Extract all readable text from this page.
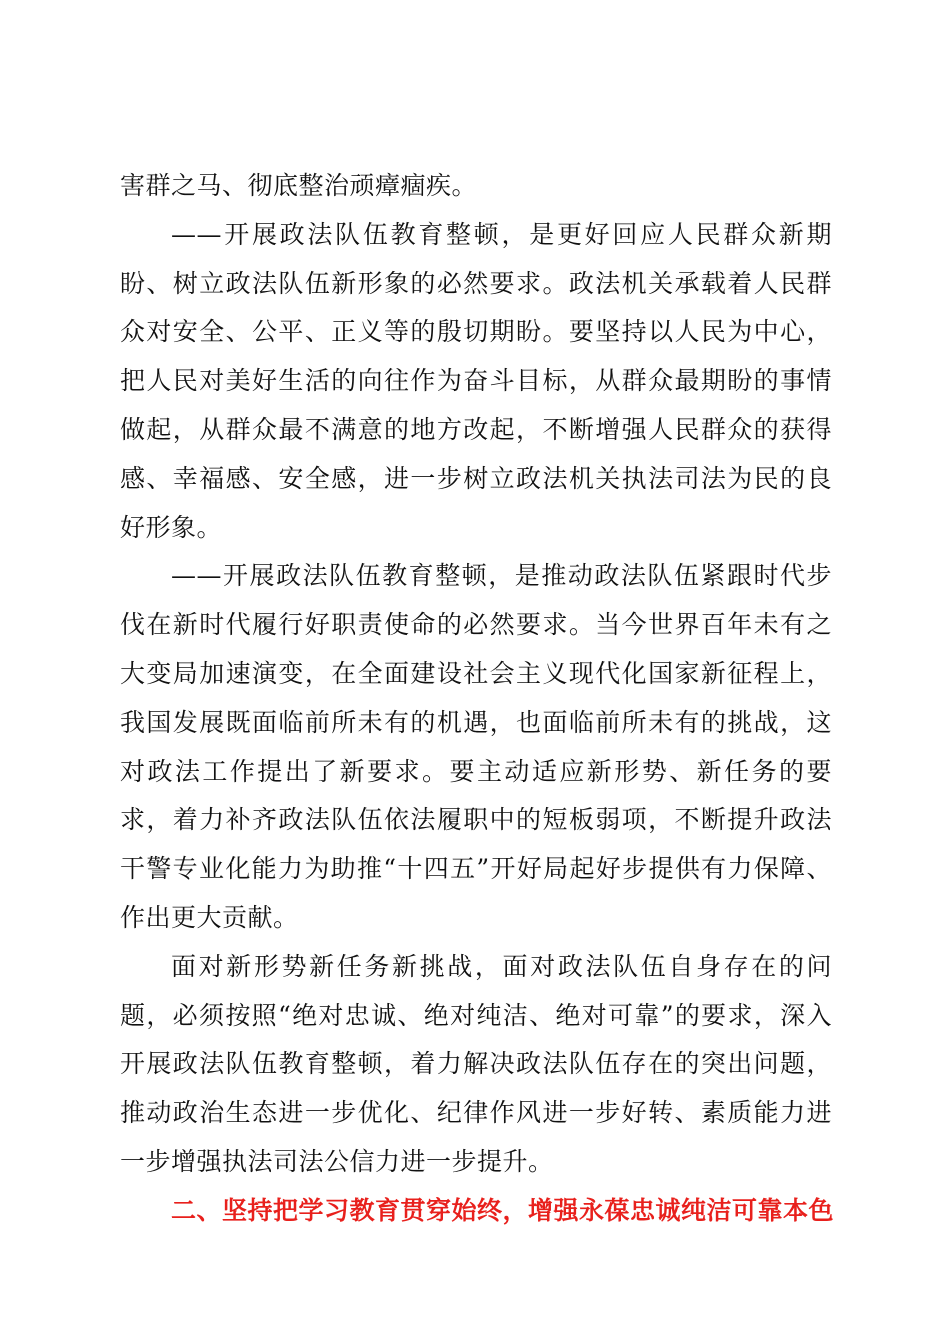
害群之马、彻底整治顽瘴痼疾。

——开展政法队伍教育整顿，是更好回应人民群众新期盼、树立政法队伍新形象的必然要求。政法机关承载着人民群众对安全、公平、正义等的殷切期盼。要坚持以人民为中心，把人民对美好生活的向往作为奋斗目标，从群众最期盼的事情做起，从群众最不满意的地方改起，不断增强人民群众的获得感、幸福感、安全感，进一步树立政法机关执法司法为民的良好形象。

——开展政法队伍教育整顿，是推动政法队伍紧跟时代步伐在新时代履行好职责使命的必然要求。当今世界百年未有之大变局加速演变，在全面建设社会主义现代化国家新征程上，我国发展既面临前所未有的机遇，也面临前所未有的挑战，这对政法工作提出了新要求。要主动适应新形势、新任务的要求，着力补齐政法队伍依法履职中的短板弱项，不断提升政法干警专业化能力为助推“十四五”开好局起好步提供有力保障、作出更大贡献。

面对新形势新任务新挑战，面对政法队伍自身存在的问题，必须按照“绝对忠诚、绝对纯洁、绝对可靠”的要求，深入开展政法队伍教育整顿，着力解决政法队伍存在的突出问题，推动政治生态进一步优化、纪律作风进一步好转、素质能力进一步增强执法司法公信力进一步提升。

二、坚持把学习教育贯穿始终，增强永葆忠诚纯洁可靠本色
